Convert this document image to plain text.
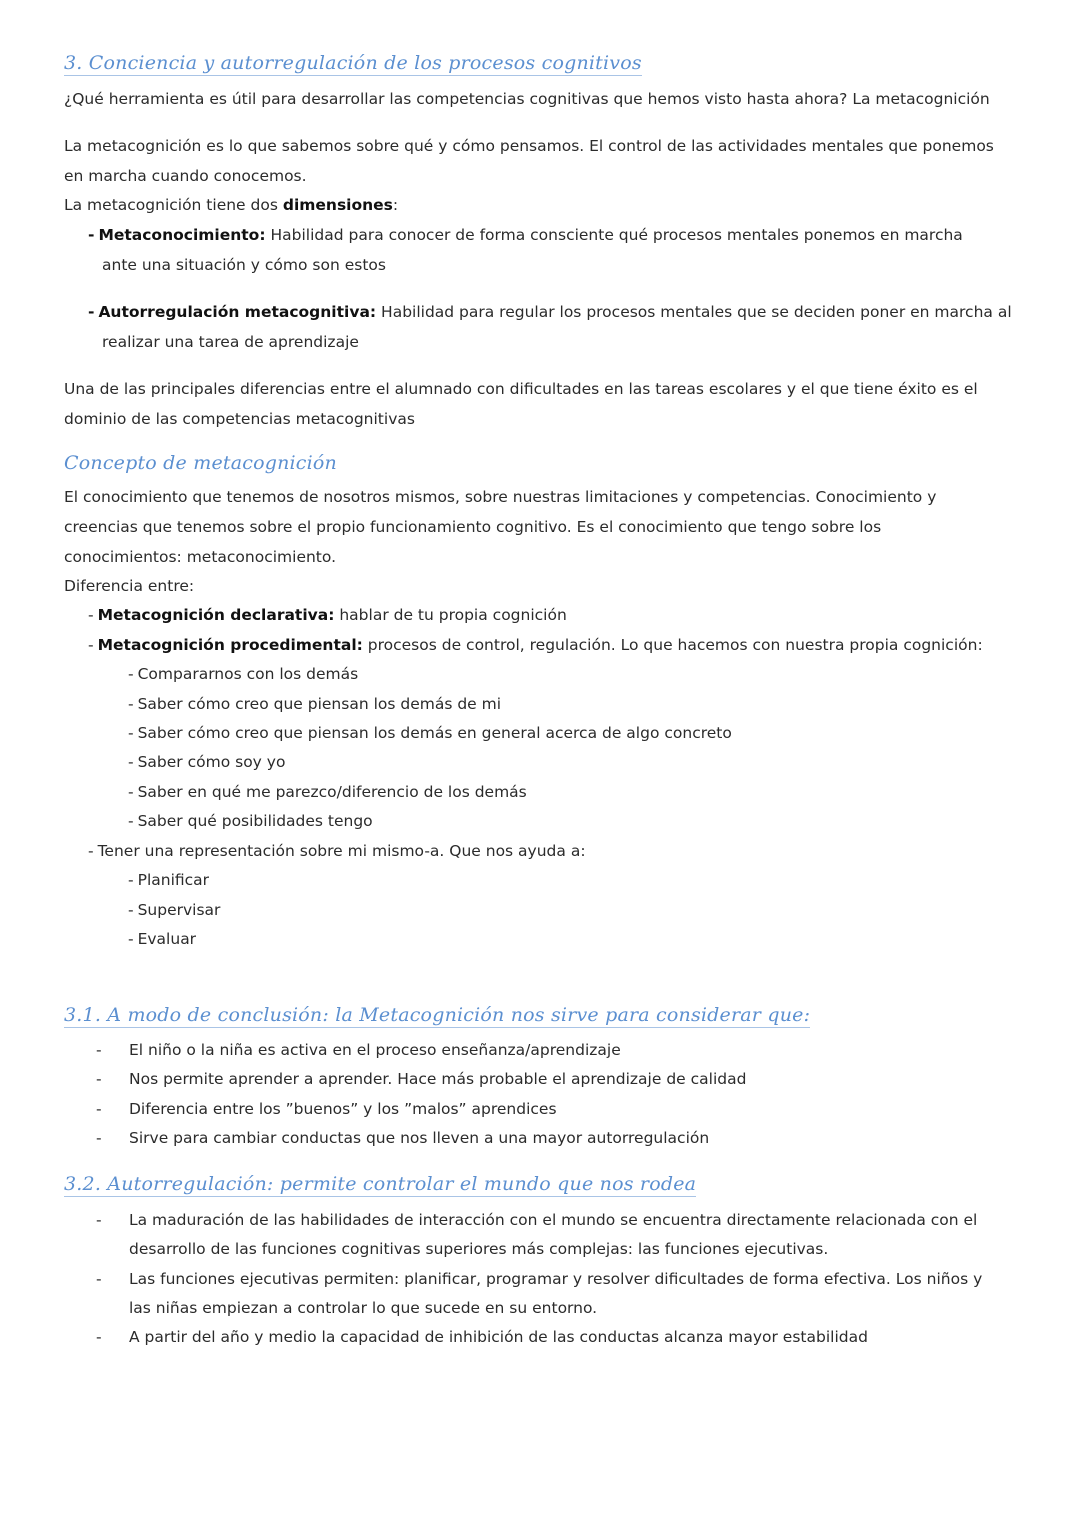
3. Conciencia y autorregulación de los procesos cognitivos
¿Qué herramienta es útil para desarrollar las competencias cognitivas que hemos visto hasta ahora? La metacognición
La metacognición es lo que sabemos sobre qué y cómo pensamos. El control de las actividades mentales que ponemos
en marcha cuando conocemos.
La metacognición tiene dos dimensiones:
- Metaconocimiento: Habilidad para conocer de forma consciente qué procesos mentales ponemos en marcha
ante una situación y cómo son estos
- Autorregulación metacognitiva: Habilidad para regular los procesos mentales que se deciden poner en marcha al
realizar una tarea de aprendizaje
Una de las principales diferencias entre el alumnado con dificultades en las tareas escolares y el que tiene éxito es el
dominio de las competencias metacognitivas
Concepto de metacognición
El conocimiento que tenemos de nosotros mismos, sobre nuestras limitaciones y competencias. Conocimiento y
creencias que tenemos sobre el propio funcionamiento cognitivo. Es el conocimiento que tengo sobre los
conocimientos: metaconocimiento.
Diferencia entre:
- Metacognición declarativa: hablar de tu propia cognición
- Metacognición procedimental: procesos de control, regulación. Lo que hacemos con nuestra propia cognición:
- Compararnos con los demás
- Saber cómo creo que piensan los demás de mi
- Saber cómo creo que piensan los demás en general acerca de algo concreto
- Saber cómo soy yo
- Saber en qué me parezco/diferencio de los demás
- Saber qué posibilidades tengo
- Tener una representación sobre mi mismo-a. Que nos ayuda a:
- Planificar
- Supervisar
- Evaluar
3.1. A modo de conclusión: la Metacognición nos sirve para considerar que:
- El niño o la niña es activa en el proceso enseñanza/aprendizaje
- Nos permite aprender a aprender. Hace más probable el aprendizaje de calidad
- Diferencia entre los ”buenos” y los ”malos” aprendices
- Sirve para cambiar conductas que nos lleven a una mayor autorregulación
3.2. Autorregulación: permite controlar el mundo que nos rodea
- La maduración de las habilidades de interacción con el mundo se encuentra directamente relacionada con el
desarrollo de las funciones cognitivas superiores más complejas: las funciones ejecutivas.
- Las funciones ejecutivas permiten: planificar, programar y resolver dificultades de forma efectiva. Los niños y
las niñas empiezan a controlar lo que sucede en su entorno.
- A partir del año y medio la capacidad de inhibición de las conductas alcanza mayor estabilidad
